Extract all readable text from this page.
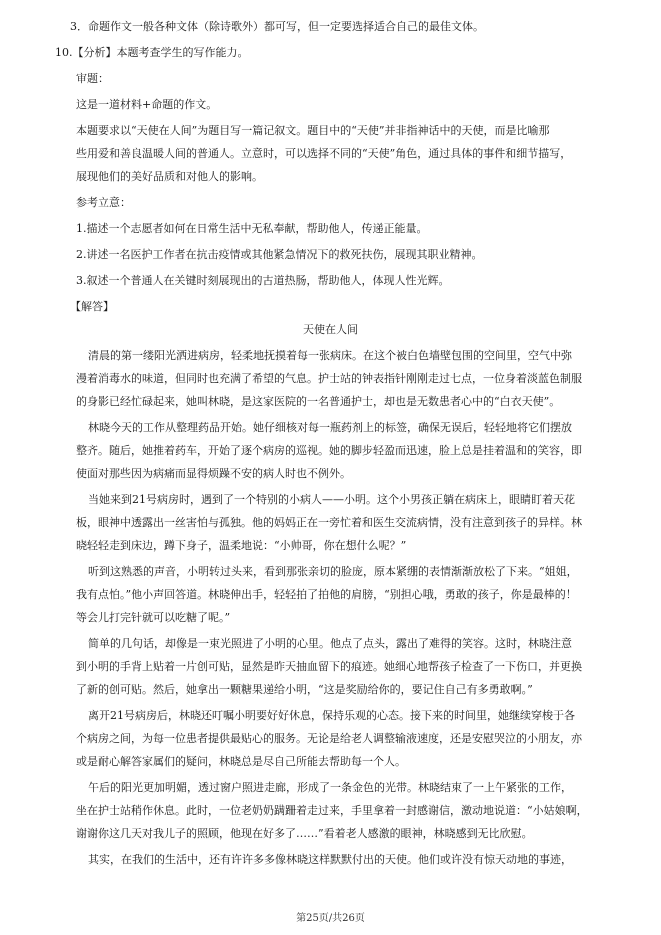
3．命题作文一般各种文体（除诗歌外）都可写，但一定要选择适合自己的最佳文体。
10.【分析】本题考查学生的写作能力。
审题：
这是一道材料+命题的作文。
本题要求以“天使在人间”为题目写一篇记叙文。题目中的“天使”并非指神话中的天使，而是比喻那
些用爱和善良温暖人间的普通人。立意时，可以选择不同的“天使”角色，通过具体的事件和细节描写，
展现他们的美好品质和对他人的影响。
参考立意：
1.描述一个志愿者如何在日常生活中无私奉献，帮助他人，传递正能量。
2.讲述一名医护工作者在抗击疫情或其他紧急情况下的救死扶伤，展现其职业精神。
3.叙述一个普通人在关键时刻展现出的古道热肠，帮助他人，体现人性光辉。
【解答】
天使在人间
清晨的第一缕阳光洒进病房，轻柔地抚摸着每一张病床。在这个被白色墙壁包围的空间里，空气中弥
漫着消毒水的味道，但同时也充满了希望的气息。护士站的钟表指针刚刚走过七点，一位身着淡蓝色制服
的身影已经忙碌起来，她叫林晓，是这家医院的一名普通护士，却也是无数患者心中的“白衣天使”。
林晓今天的工作从整理药品开始。她仔细核对每一瓶药剂上的标签，确保无误后，轻轻地将它们摆放
整齐。随后，她推着药车，开始了逐个病房的巡视。她的脚步轻盈而迅速，脸上总是挂着温和的笑容，即
使面对那些因为病痛而显得烦躁不安的病人时也不例外。
当她来到21号病房时，遇到了一个特别的小病人——小明。这个小男孩正躺在病床上，眼睛盯着天花
板，眼神中透露出一丝害怕与孤独。他的妈妈正在一旁忙着和医生交流病情，没有注意到孩子的异样。林
晓轻轻走到床边，蹲下身子，温柔地说：“小帅哥，你在想什么呢？”
听到这熟悉的声音，小明转过头来，看到那张亲切的脸庞，原本紧绷的表情渐渐放松了下来。“姐姐，
我有点怕。”他小声回答道。林晓伸出手，轻轻拍了拍他的肩膀，“别担心哦，勇敢的孩子，你是最棒的！
等会儿打完针就可以吃糖了呢。”
简单的几句话，却像是一束光照进了小明的心里。他点了点头，露出了难得的笑容。这时，林晓注意
到小明的手背上贴着一片创可贴，显然是昨天抽血留下的痕迹。她细心地帮孩子检查了一下伤口，并更换
了新的创可贴。然后，她拿出一颗糖果递给小明，“这是奖励给你的，要记住自己有多勇敢啊。”
离开21号病房后，林晓还叮嘱小明要好好休息，保持乐观的心态。接下来的时间里，她继续穿梭于各
个病房之间，为每一位患者提供最贴心的服务。无论是给老人调整输液速度，还是安慰哭泣的小朋友，亦
或是耐心解答家属们的疑问，林晓总是尽自己所能去帮助每一个人。
午后的阳光更加明媚，透过窗户照进走廊，形成了一条金色的光带。林晓结束了一上午紧张的工作，
坐在护士站稍作休息。此时，一位老奶奶蹒跚着走过来，手里拿着一封感谢信，激动地说道：“小姑娘啊，
谢谢你这几天对我儿子的照顾，他现在好多了……”看着老人感激的眼神，林晓感到无比欣慰。
其实，在我们的生活中，还有许许多多像林晓这样默默付出的天使。他们或许没有惊天动地的事迹，
第25页/共26页
